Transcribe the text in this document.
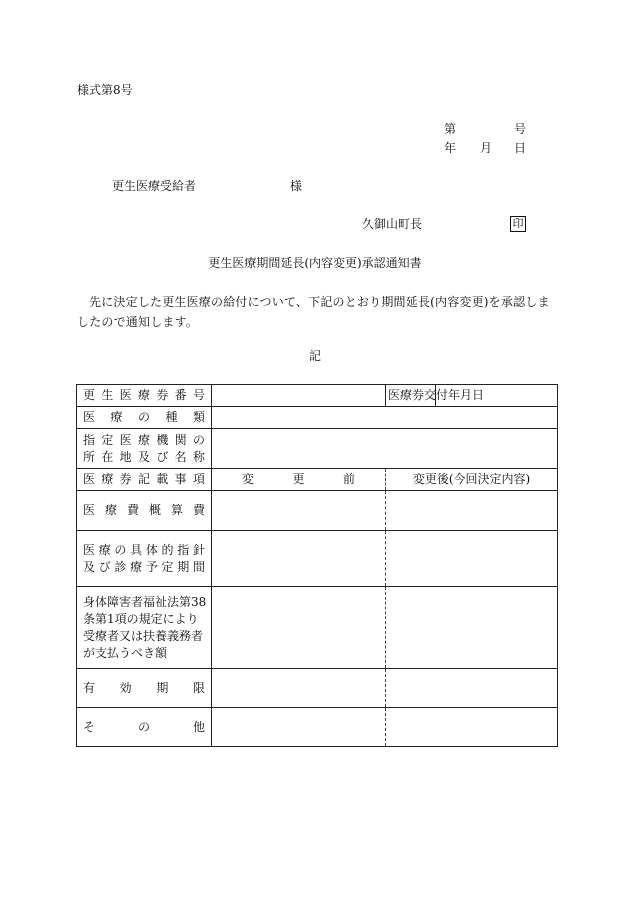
様式第8号
第	号
年 月 日
更生医療受給者	様
久御山町長	印
更生医療期間延長(内容変更)承認通知書
先に決定した更生医療の給付について、下記のとおり期間延長(内容変更)を承認しましたので通知します。
記
更生医療券番号		医療券交付年月日	
医療の種類			

指定医療機関の
所在地及び名称			

医療券記載事項	変 更 前	変更後(今回決定内容)	
医療費概算費			

医療の具体的指針
及び診療予定期間			

身体障害者福祉法第38
条第1項の規定により
受療者又は扶養義務者
が支払うべき額			

有効期限			
その他			
